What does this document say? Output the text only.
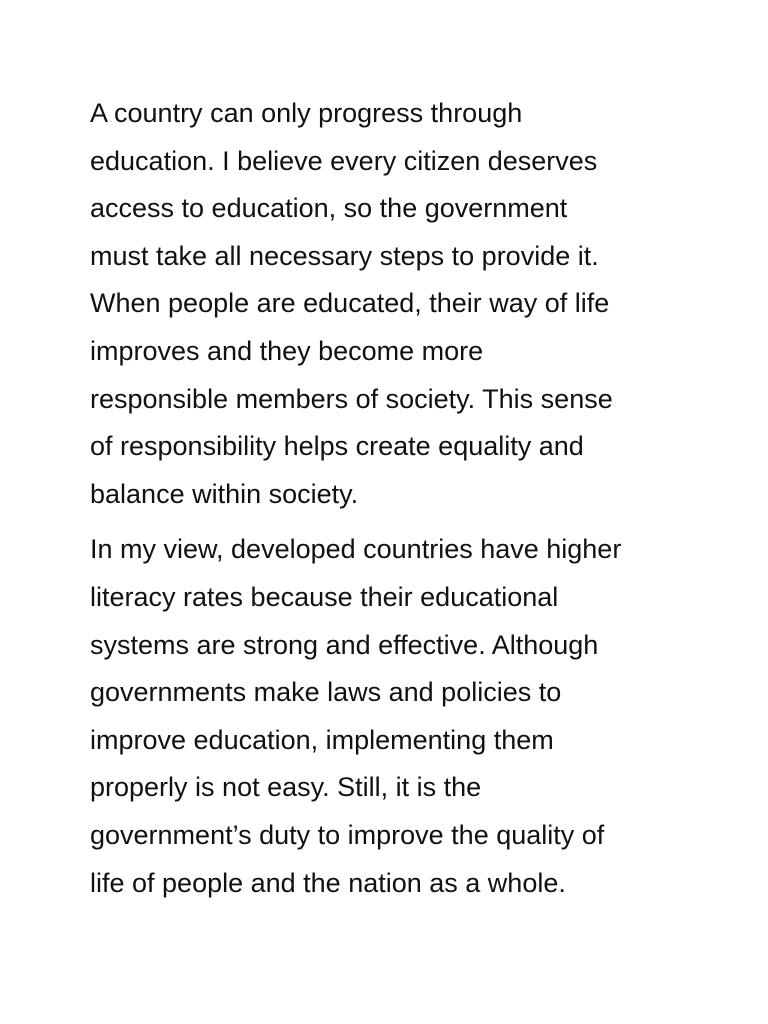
A country can only progress through
education. I believe every citizen deserves
access to education, so the government
must take all necessary steps to provide it.
When people are educated, their way of life
improves and they become more
responsible members of society. This sense
of responsibility helps create equality and
balance within society.

In my view, developed countries have higher
literacy rates because their educational
systems are strong and effective. Although
governments make laws and policies to
improve education, implementing them
properly is not easy. Still, it is the
government’s duty to improve the quality of
life of people and the nation as a whole.
